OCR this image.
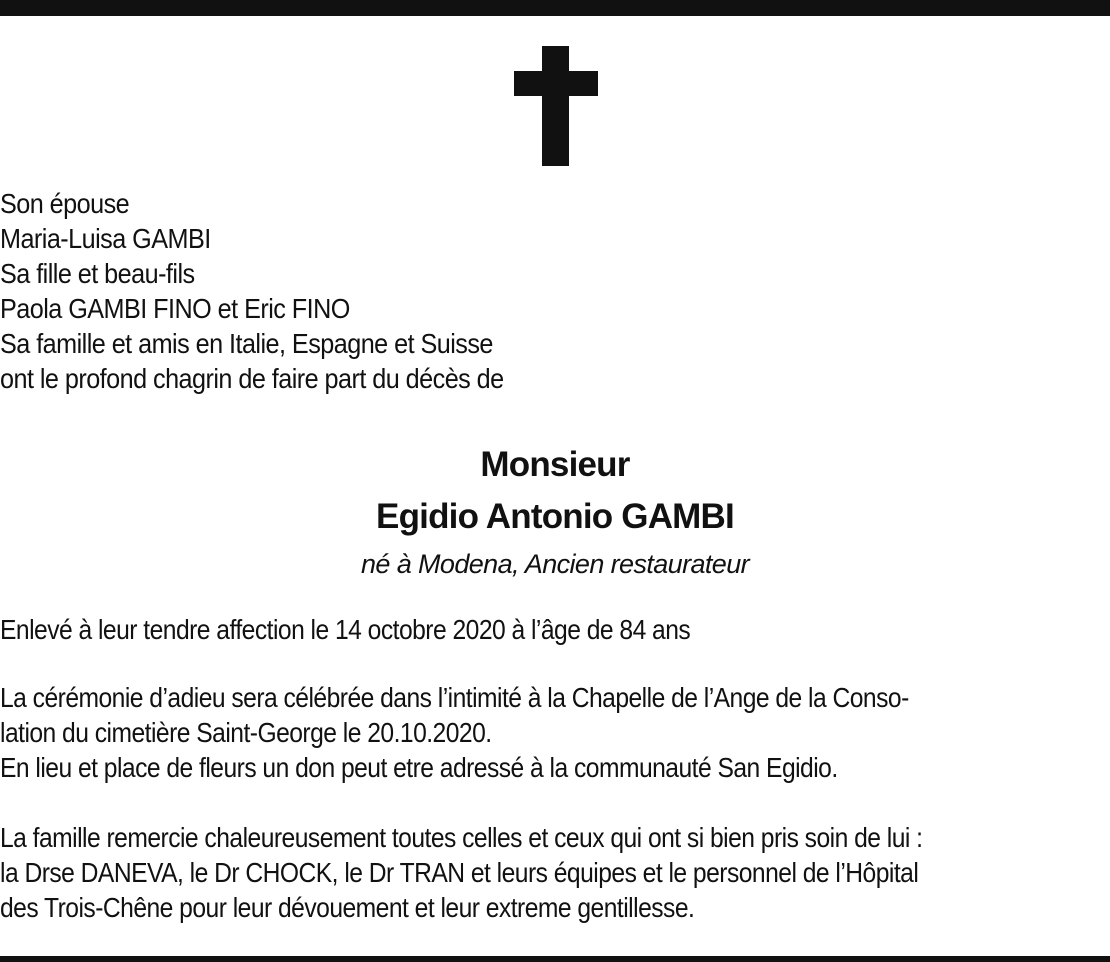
Son épouse
Maria-Luisa GAMBI
Sa fille et beau-fils
Paola GAMBI FINO et Eric FINO
Sa famille et amis en Italie, Espagne et Suisse
ont le profond chagrin de faire part du décès de
Monsieur
Egidio Antonio GAMBI
né à Modena, Ancien restaurateur
Enlevé à leur tendre affection le 14 octobre 2020 à l’âge de 84 ans
La cérémonie d’adieu sera célébrée dans l’intimité à la Chapelle de l’Ange de la Conso-
lation du cimetière Saint-George le 20.10.2020.
En lieu et place de fleurs un don peut etre adressé à la communauté San Egidio.
La famille remercie chaleureusement toutes celles et ceux qui ont si bien pris soin de lui :
la Drse DANEVA, le Dr CHOCK, le Dr TRAN et leurs équipes et le personnel de l’Hôpital
des Trois-Chêne pour leur dévouement et leur extreme gentillesse.
